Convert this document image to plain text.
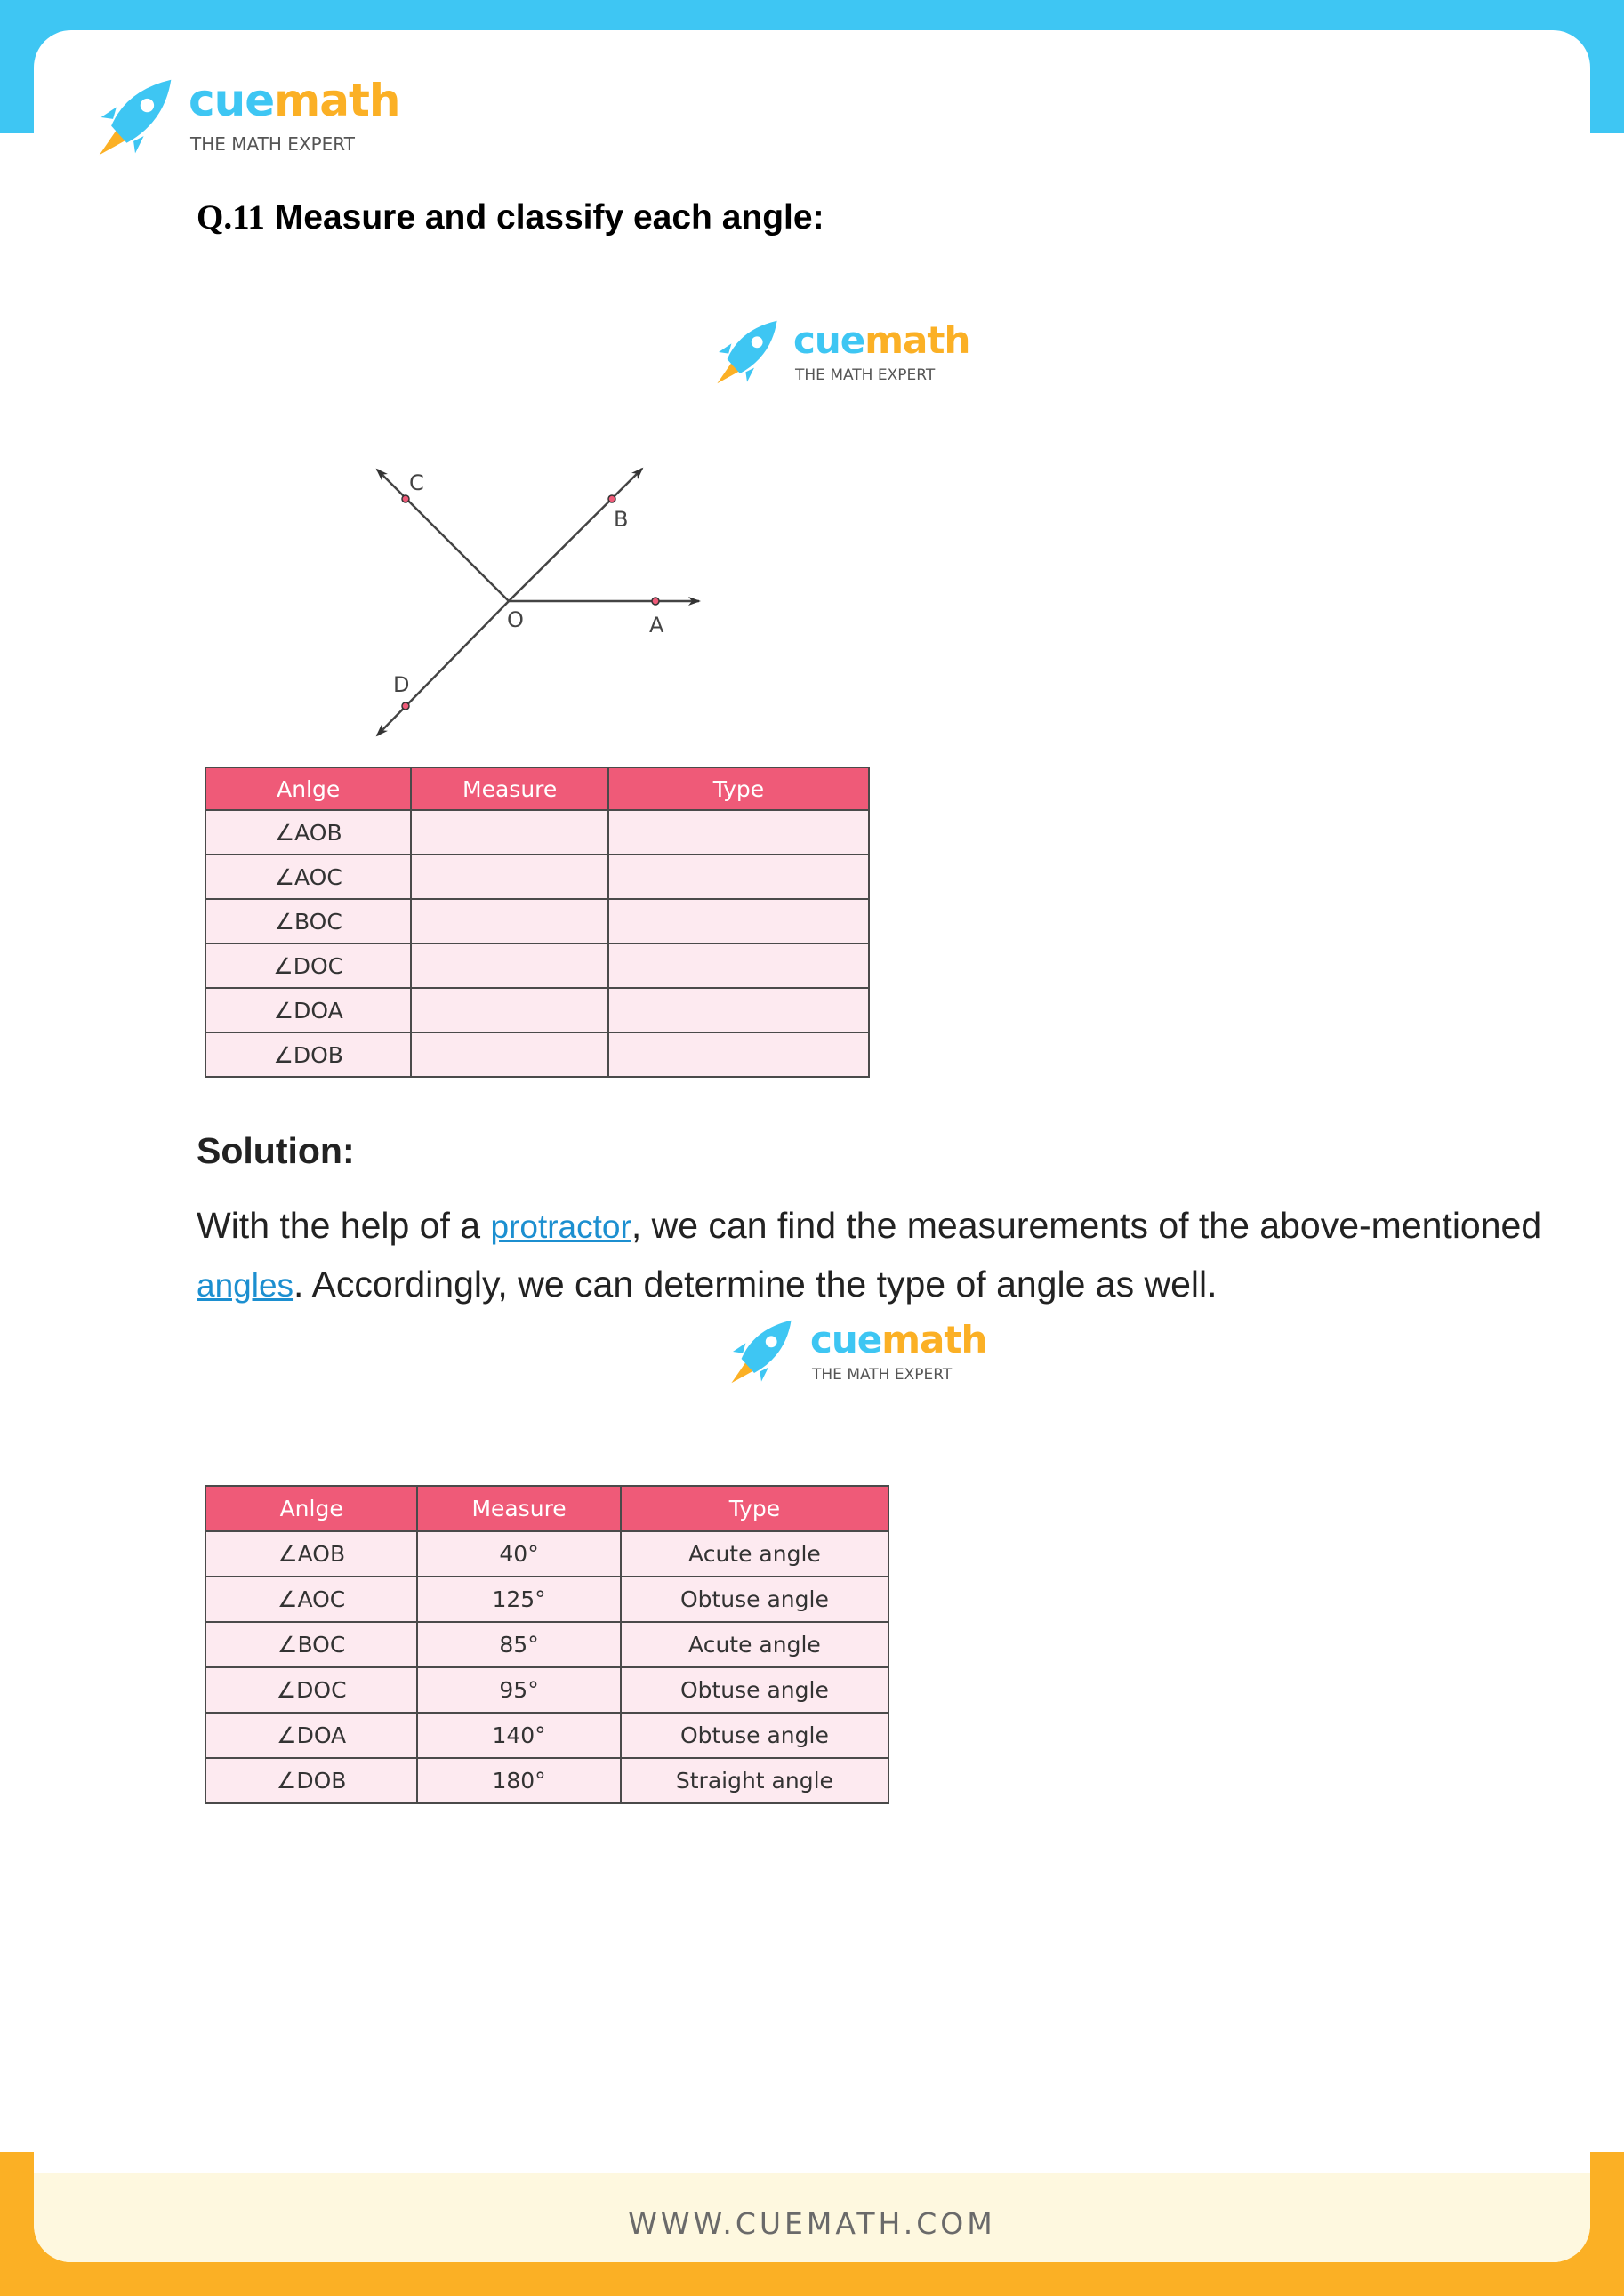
cuemath
THE MATH EXPERT
Q.11 Measure and classify each angle:
cuemath
THE MATH EXPERT
A
B
C
D
O
Anlge	Measure	Type
∠AOB		
∠AOC		
∠BOC		
∠DOC		
∠DOA		
∠DOB		
Solution:
With the help of a protractor, we can find the measurements of the above-mentioned angles. Accordingly, we can determine the type of angle as well.
cuemath
THE MATH EXPERT
Anlge	Measure	Type
∠AOB	40°	Acute angle
∠AOC	125°	Obtuse angle
∠BOC	85°	Acute angle
∠DOC	95°	Obtuse angle
∠DOA	140°	Obtuse angle
∠DOB	180°	Straight angle
WWW.CUEMATH.COM
